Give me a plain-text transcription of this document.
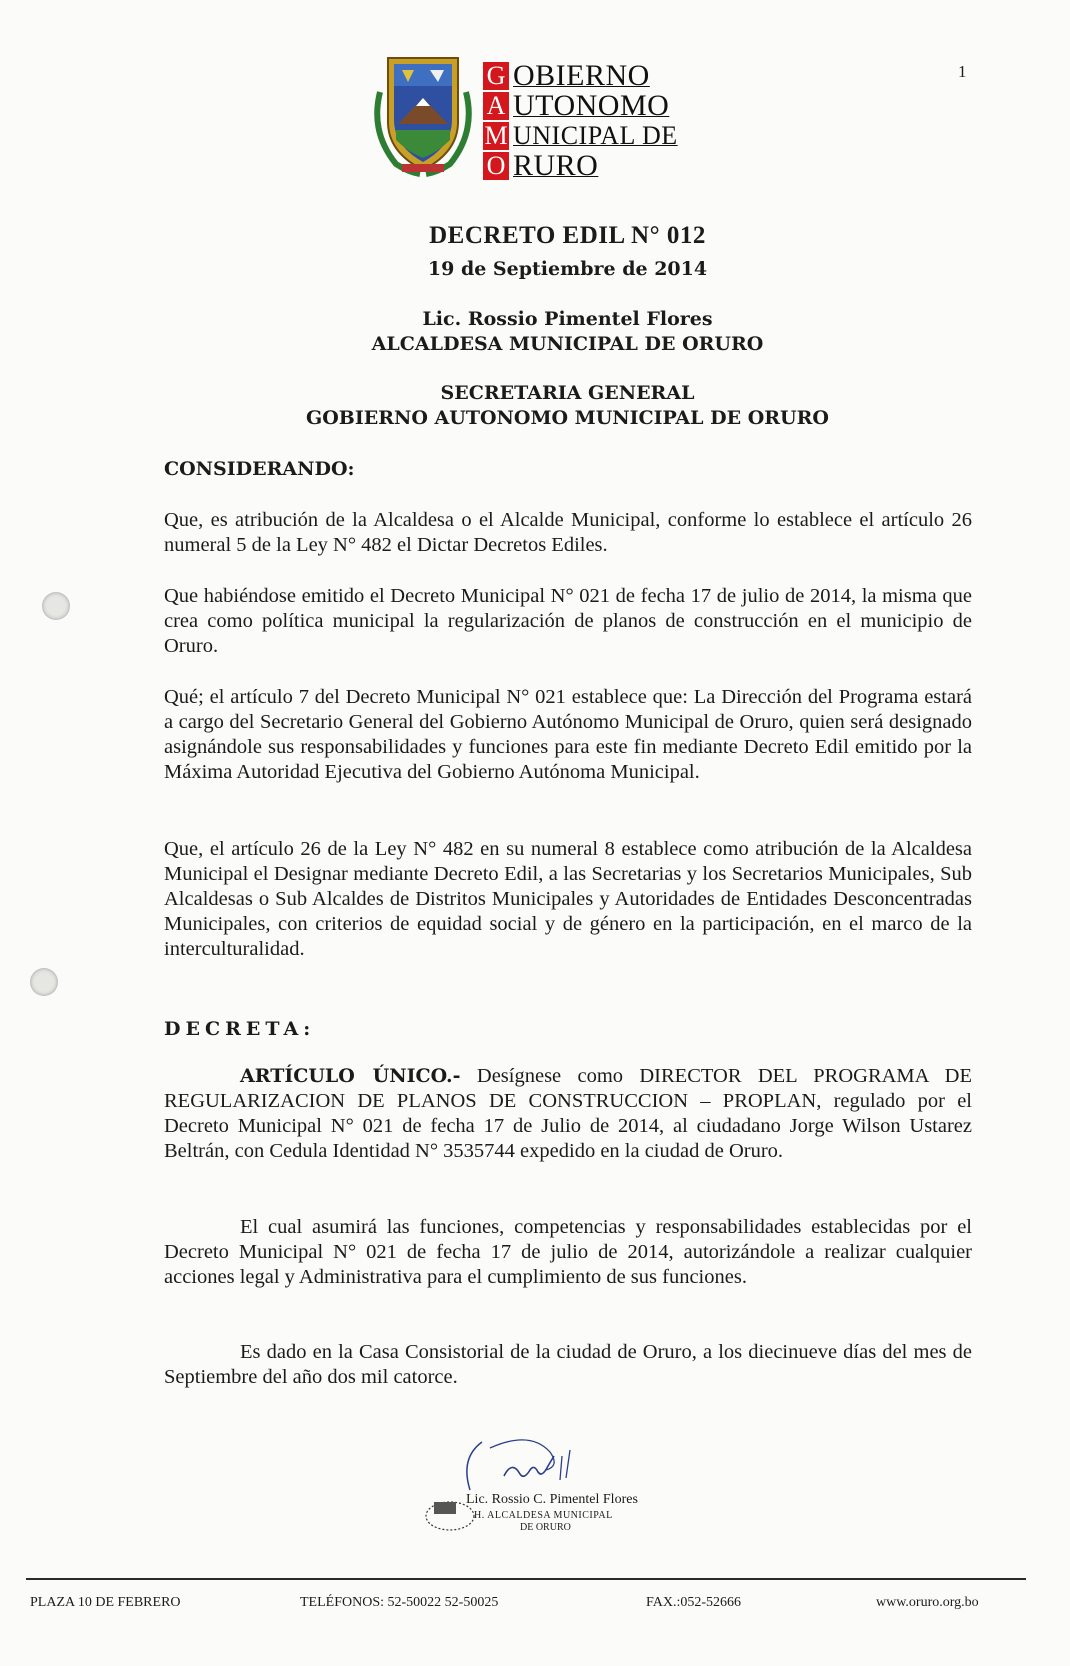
G
A
M
O
OBIERNO
UTONOMO
UNICIPAL DE
RURO
1
DECRETO EDIL N° 012
19 de Septiembre de 2014
Lic. Rossio Pimentel Flores
ALCALDESA MUNICIPAL DE ORURO
SECRETARIA GENERAL
GOBIERNO AUTONOMO MUNICIPAL DE ORURO
CONSIDERANDO:
Que, es atribución de la Alcaldesa o el Alcalde Municipal, conforme lo establece el artículo 26 numeral 5 de la Ley N° 482 el Dictar Decretos Ediles.
Que habiéndose emitido el Decreto Municipal N° 021 de fecha 17 de julio de 2014, la misma que crea como política municipal la regularización de planos de construcción en el municipio de Oruro.
Qué; el artículo 7 del Decreto Municipal N° 021 establece que: La Dirección del Programa estará a cargo del Secretario General del Gobierno Autónomo Municipal de Oruro, quien será designado asignándole sus responsabilidades y funciones para este fin mediante Decreto Edil emitido por la Máxima Autoridad Ejecutiva del Gobierno Autónoma Municipal.
Que, el artículo 26 de la Ley N° 482 en su numeral 8 establece como atribución de la Alcaldesa Municipal el Designar mediante Decreto Edil, a las Secretarias y los Secretarios Municipales, Sub Alcaldesas o Sub Alcaldes de Distritos Municipales y Autoridades de Entidades Desconcentradas Municipales, con criterios de equidad social y de género en la participación, en el marco de la interculturalidad.
DECRETA:
ARTÍCULO ÚNICO.- Desígnese como DIRECTOR DEL PROGRAMA DE REGULARIZACION DE PLANOS DE CONSTRUCCION – PROPLAN, regulado por el Decreto Municipal N° 021 de fecha 17 de Julio de 2014, al ciudadano Jorge Wilson Ustarez Beltrán, con Cedula Identidad N° 3535744 expedido en la ciudad de Oruro.
El cual asumirá las funciones, competencias y responsabilidades establecidas por el Decreto Municipal N° 021 de fecha 17 de julio de 2014, autorizándole a realizar cualquier acciones legal y Administrativa para el cumplimiento de sus funciones.
Es dado en la Casa Consistorial de la ciudad de Oruro, a los diecinueve días del mes de Septiembre del año dos mil catorce.
Lic. Rossio C. Pimentel Flores
H. ALCALDESA MUNICIPAL
DE ORURO
PLAZA 10 DE FEBRERO	TELÉFONOS: 52-50022 52-50025	FAX.:052-52666	www.oruro.org.bo
